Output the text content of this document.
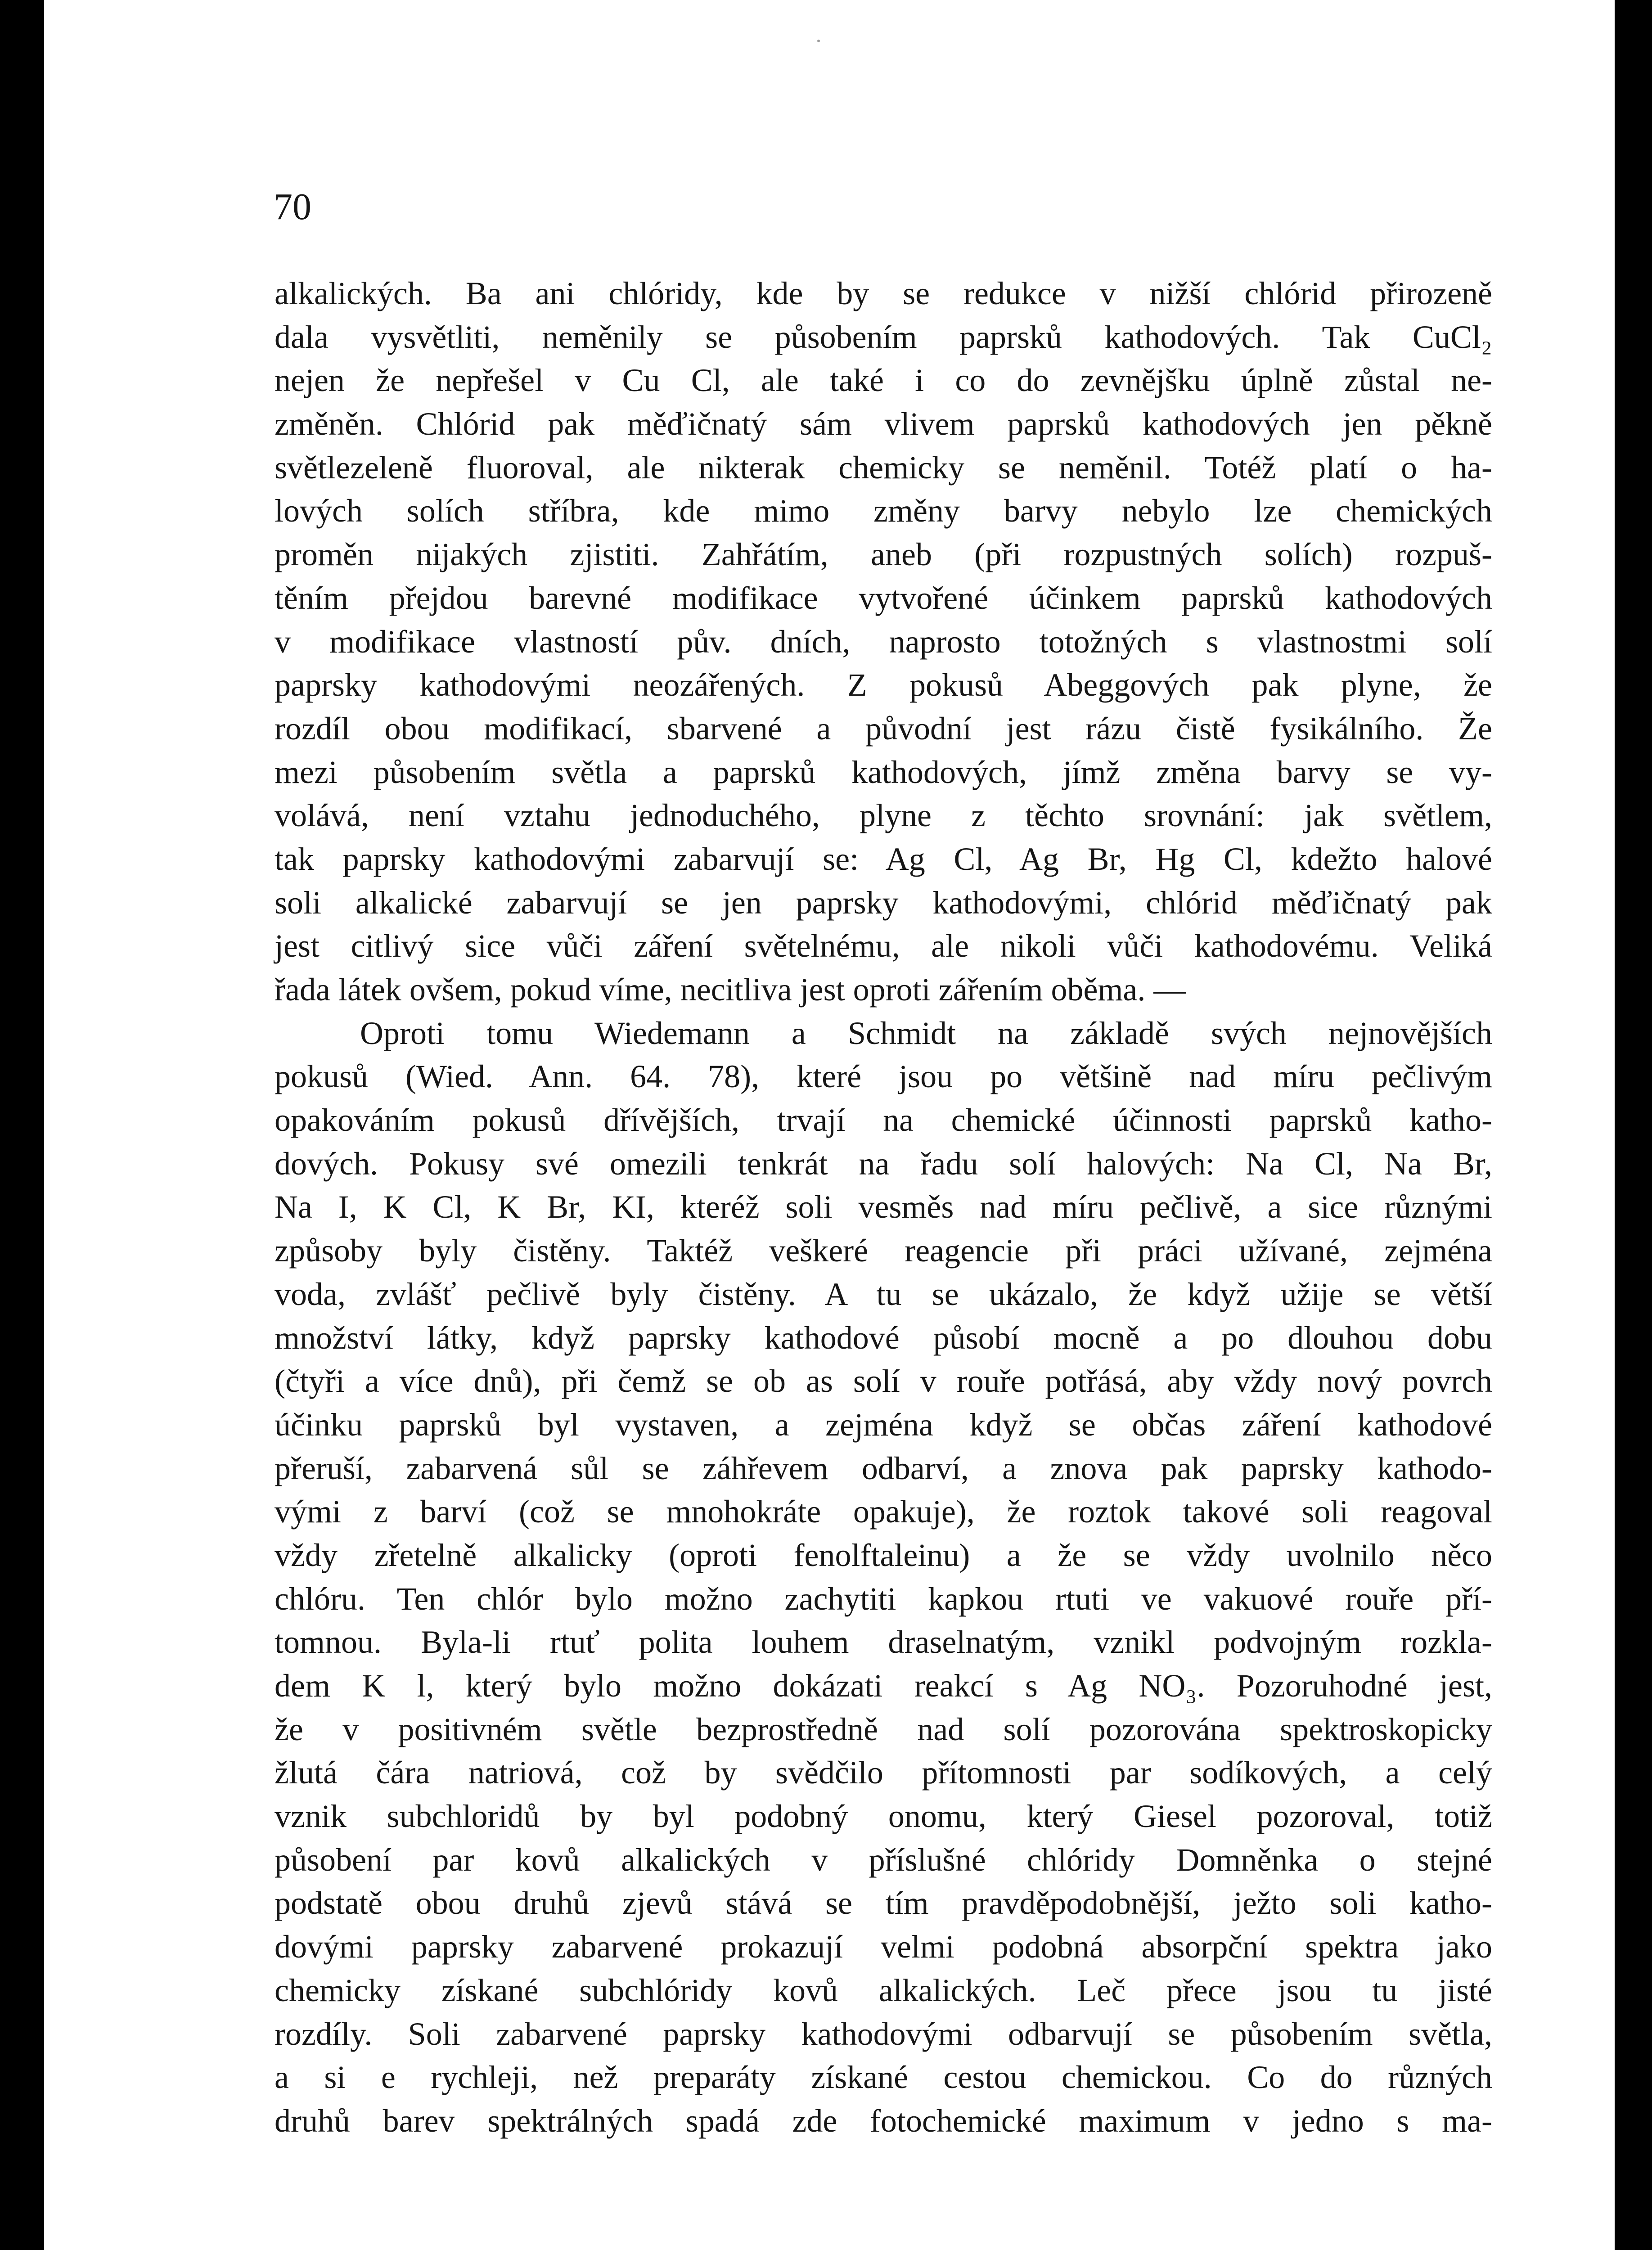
70
alkalických. Ba ani chlóridy, kde by se redukce v nižší chlórid přirozeně
dala vysvětliti, neměnily se působením paprsků kathodových. Tak CuCl₂
nejen že nepřešel v Cu Cl, ale také i co do zevnějšku úplně zůstal ne-
změněn. Chlórid pak měďičnatý sám vlivem paprsků kathodových jen pěkně
světlezeleně fluoroval, ale nikterak chemicky se neměnil. Totéž platí o ha-
lových solích stříbra, kde mimo změny barvy nebylo lze chemických
proměn nijakých zjistiti. Zahřátím, aneb (při rozpustných solích) rozpuš-
těním přejdou barevné modifikace vytvořené účinkem paprsků kathodových
v modifikace vlastností pův. dních, naprosto totožných s vlastnostmi solí
paprsky kathodovými neozářených. Z pokusů Abeggových pak plyne, že
rozdíl obou modifikací, sbarvené a původní jest rázu čistě fysikálního. Že
mezi působením světla a paprsků kathodových, jímž změna barvy se vy-
volává, není vztahu jednoduchého, plyne z těchto srovnání: jak světlem,
tak paprsky kathodovými zabarvují se: Ag Cl, Ag Br, Hg Cl, kdežto halové
soli alkalické zabarvují se jen paprsky kathodovými, chlórid měďičnatý pak
jest citlivý sice vůči záření světelnému, ale nikoli vůči kathodovému. Veliká
řada látek ovšem, pokud víme, necitliva jest oproti zářením oběma. —
Oproti tomu Wiedemann a Schmidt na základě svých nejnovějších
pokusů (Wied. Ann. 64. 78), které jsou po většině nad míru pečlivým
opakováním pokusů dřívějších, trvají na chemické účinnosti paprsků katho-
dových. Pokusy své omezili tenkrát na řadu solí halových: Na Cl, Na Br,
Na I, K Cl, K Br, KI, kteréž soli vesměs nad míru pečlivě, a sice různými
způsoby byly čistěny. Taktéž veškeré reagencie při práci užívané, zejména
voda, zvlášť pečlivě byly čistěny. A tu se ukázalo, že když užije se větší
množství látky, když paprsky kathodové působí mocně a po dlouhou dobu
(čtyři a více dnů), při čemž se ob as solí v rouře potřásá, aby vždy nový povrch
účinku paprsků byl vystaven, a zejména když se občas záření kathodové
přeruší, zabarvená sůl se záhřevem odbarví, a znova pak paprsky kathodo-
vými z barví (což se mnohokráte opakuje), že roztok takové soli reagoval
vždy zřetelně alkalicky (oproti fenolftaleinu) a že se vždy uvolnilo něco
chlóru. Ten chlór bylo možno zachytiti kapkou rtuti ve vakuové rouře pří-
tomnou. Byla-li rtuť polita louhem draselnatým, vznikl podvojným rozkla-
dem K l, který bylo možno dokázati reakcí s Ag NO₃. Pozoruhodné jest,
že v positivném světle bezprostředně nad solí pozorována spektroskopicky
žlutá čára natriová, což by svědčilo přítomnosti par sodíkových, a celý
vznik subchloridů by byl podobný onomu, který Giesel pozoroval, totiž
působení par kovů alkalických v příslušné chlóridy Domněnka o stejné
podstatě obou druhů zjevů stává se tím pravděpodobnější, ježto soli katho-
dovými paprsky zabarvené prokazují velmi podobná absorpční spektra jako
chemicky získané subchlóridy kovů alkalických. Leč přece jsou tu jisté
rozdíly. Soli zabarvené paprsky kathodovými odbarvují se působením světla,
a si e rychleji, než preparáty získané cestou chemickou. Co do různých
druhů barev spektrálných spadá zde fotochemické maximum v jedno s ma-
